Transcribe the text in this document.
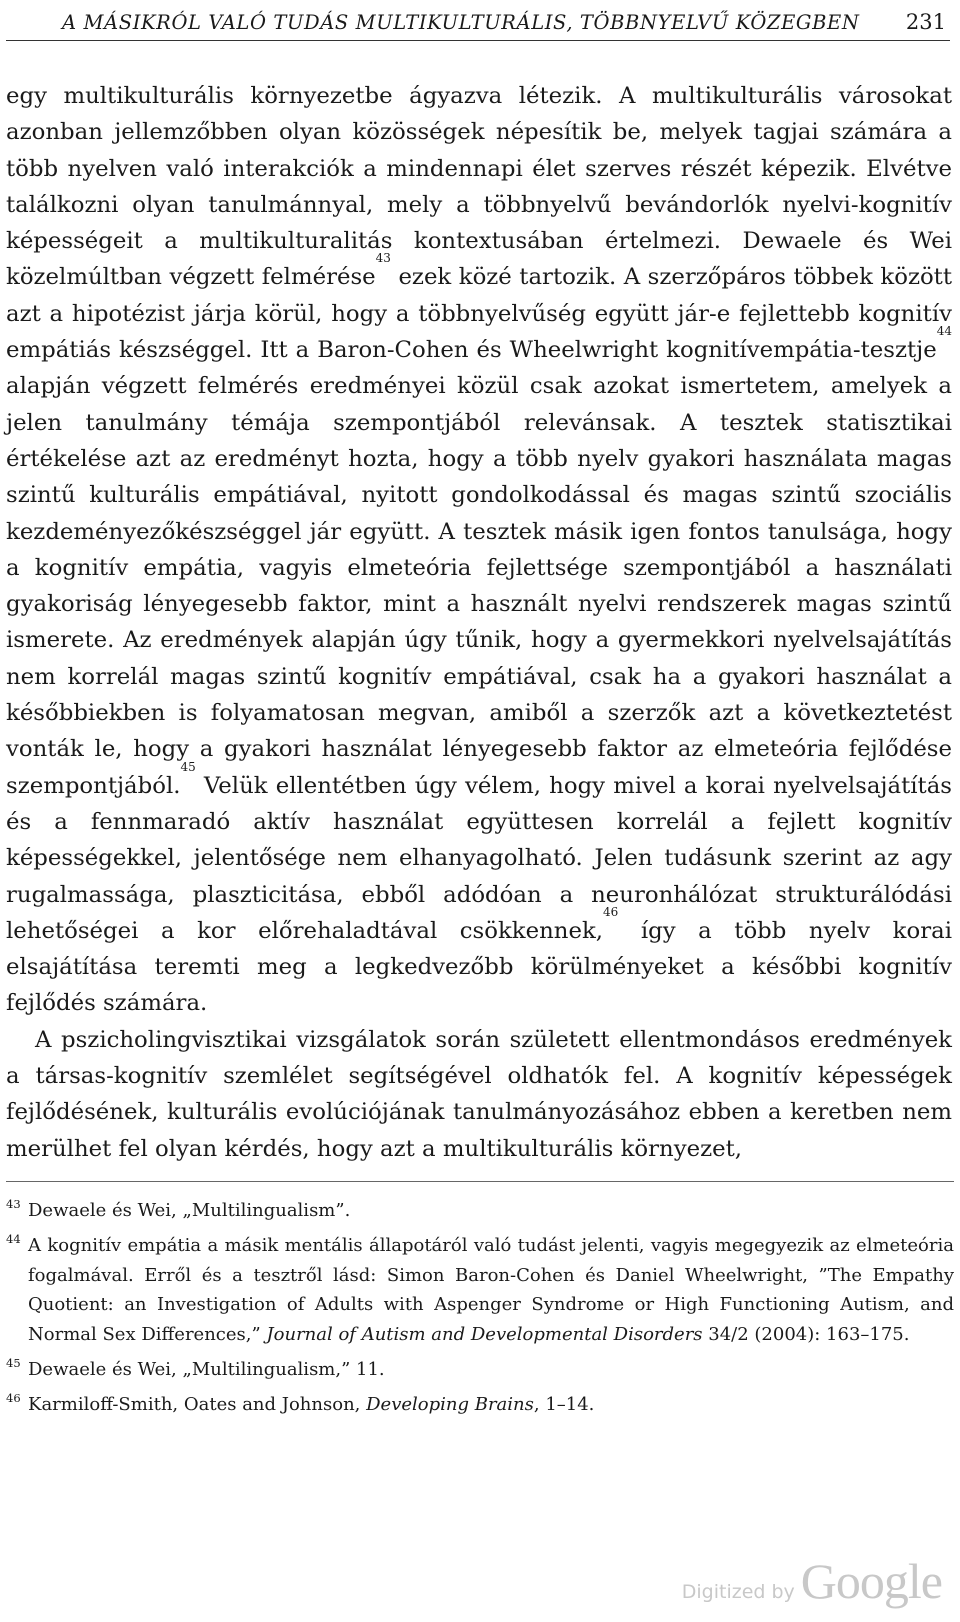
A MÁSIKRÓL VALÓ TUDÁS MULTIKULTURÁLIS, TÖBBNYELVŰ KÖZEGBEN 231

egy multikulturális környezetbe ágyazva létezik. A multikulturális városokat azonban jellemzőbben olyan közösségek népesítik be, melyek tagjai számára a több nyelven való interakciók a mindennapi élet szerves részét képezik. Elvétve találkozni olyan tanulmánnyal, mely a többnyelvű bevándorlók nyelvi-kognitív képességeit a multikulturalitás kontextusában értelmezi. Dewaele és Wei közelmúltban végzett felmérése$^{43}$ ezek közé tartozik. A szerzőpáros többek között azt a hipotézist járja körül, hogy a többnyelvűség együtt jár-e fejlettebb kognitív empátiás készséggel. Itt a Baron-Cohen és Wheelwright kognitívempátia-tesztje$^{44}$ alapján végzett felmérés eredményei közül csak azokat ismertetem, amelyek a jelen tanulmány témája szempontjából relevánsak. A tesztek statisztikai értékelése azt az eredményt hozta, hogy a több nyelv gyakori használata magas szintű kulturális empátiával, nyitott gondolkodással és magas szintű szociális kezdeményezőkészséggel jár együtt. A tesztek másik igen fontos tanulsága, hogy a kognitív empátia, vagyis elmeteória fejlettsége szempontjából a használati gyakoriság lényegesebb faktor, mint a használt nyelvi rendszerek magas szintű ismerete. Az eredmények alapján úgy tűnik, hogy a gyermekkori nyelvelsajátítás nem korrelál magas szintű kognitív empátiával, csak ha a gyakori használat a későbbiekben is folyamatosan megvan, amiből a szerzők azt a következtetést vonták le, hogy a gyakori használat lényegesebb faktor az elmeteória fejlődése szempontjából.$^{45}$ Velük ellentétben úgy vélem, hogy mivel a korai nyelvelsajátítás és a fennmaradó aktív használat együttesen korrelál a fejlett kognitív képességekkel, jelentősége nem elhanyagolható. Jelen tudásunk szerint az agy rugalmassága, plaszticitása, ebből adódóan a neuronhálózat strukturálódási lehetőségei a kor előrehaladtával csökkennek,$^{46}$ így a több nyelv korai elsajátítása teremti meg a legkedvezőbb körülményeket a későbbi kognitív fejlődés számára.

A pszicholingvisztikai vizsgálatok során született ellentmondásos eredmények a társas-kognitív szemlélet segítségével oldhatók fel. A kognitív képességek fejlődésének, kulturális evolúciójának tanulmányozásához ebben a keretben nem merülhet fel olyan kérdés, hogy azt a multikulturális környezet,

43 Dewaele és Wei, „Multilingualism”.
44 A kognitív empátia a másik mentális állapotáról való tudást jelenti, vagyis megegyezik az elmeteória fogalmával. Erről és a tesztről lásd: Simon Baron-Cohen és Daniel Wheelwright, ”The Empathy Quotient: an Investigation of Adults with Aspenger Syndrome or High Functioning Autism, and Normal Sex Differences,” Journal of Autism and Developmental Disorders 34/2 (2004): 163–175.
45 Dewaele és Wei, „Multilingualism,” 11.
46 Karmiloff-Smith, Oates and Johnson, Developing Brains, 1–14.
Digitized by Google
